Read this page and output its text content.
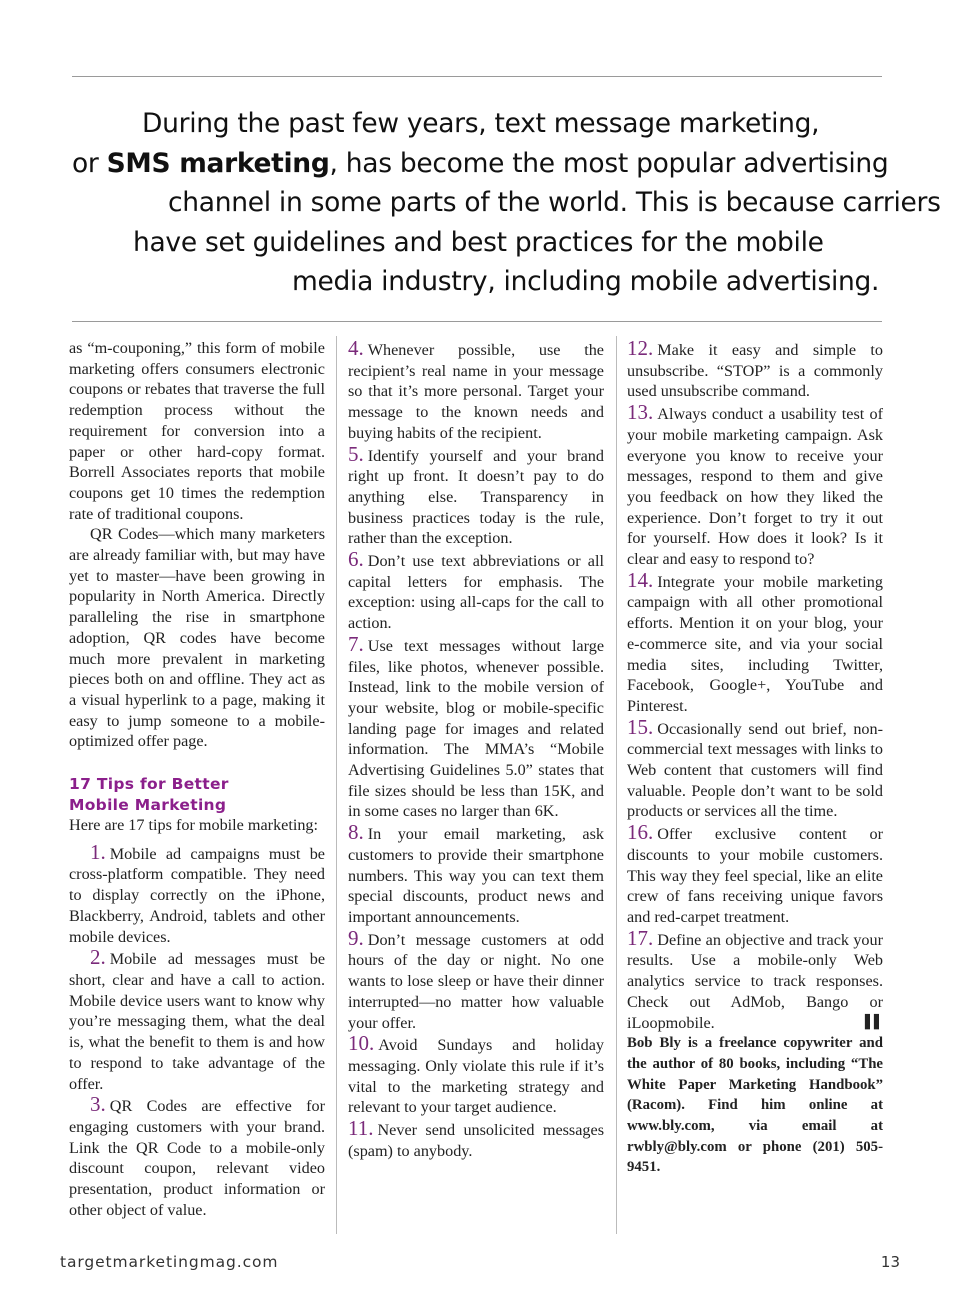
During the past few years, text message marketing,
or SMS marketing, has become the most popular advertising
channel in some parts of the world. This is because carriers
have set guidelines and best practices for the mobile
media industry, including mobile advertising.

as “m-couponing,” this form of mobile marketing offers consumers electronic coupons or rebates that traverse the full redemption process without the requirement for conversion into a paper or other hard-copy format. Borrell Associates reports that mobile coupons get 10 times the redemption rate of traditional coupons.

QR Codes—which many marketers are already familiar with, but may have yet to master—have been growing in popularity in North America. Directly paralleling the rise in smartphone adoption, QR codes have become much more prevalent in marketing pieces both on and offline. They act as a visual hyperlink to a page, making it easy to jump someone to a mobile-optimized offer page.

17 Tips for Better
Mobile Marketing

Here are 17 tips for mobile marketing:

1. Mobile ad campaigns must be cross-platform compatible. They need to display correctly on the iPhone, Blackberry, Android, tablets and other mobile devices.

2. Mobile ad messages must be short, clear and have a call to action. Mobile device users want to know why you’re messaging them, what the deal is, what the benefit to them is and how to respond to take advantage of the offer.

3. QR Codes are effective for engaging customers with your brand. Link the QR Code to a mobile-only discount coupon, relevant video presentation, product information or other object of value.

4. Whenever possible, use the recipient’s real name in your message so that it’s more personal. Target your message to the known needs and buying habits of the recipient.

5. Identify yourself and your brand right up front. It doesn’t pay to do anything else. Transparency in business practices today is the rule, rather than the exception.

6. Don’t use text abbreviations or all capital letters for emphasis. The exception: using all-caps for the call to action.

7. Use text messages without large files, like photos, whenever possible. Instead, link to the mobile version of your website, blog or mobile-specific landing page for images and related information. The MMA’s “Mobile Advertising Guidelines 5.0” states that file sizes should be less than 15K, and in some cases no larger than 6K.

8. In your email marketing, ask customers to provide their smartphone numbers. This way you can text them special discounts, product news and important announcements.

9. Don’t message customers at odd hours of the day or night. No one wants to lose sleep or have their dinner interrupted—no matter how valuable your offer.

10. Avoid Sundays and holiday messaging. Only violate this rule if it’s vital to the marketing strategy and relevant to your target audience.

11. Never send unsolicited messages (spam) to anybody.

12. Make it easy and simple to unsubscribe. “STOP” is a commonly used unsubscribe command.

13. Always conduct a usability test of your mobile marketing campaign. Ask everyone you know to receive your messages, respond to them and give you feedback on how they liked the experience. Don’t forget to try it out for yourself. How does it look? Is it clear and easy to respond to?

14. Integrate your mobile marketing campaign with all other promotional efforts. Mention it on your blog, your e-commerce site, and via your social media sites, including Twitter, Facebook, Google+, YouTube and Pinterest.

15. Occasionally send out brief, non-commercial text messages with links to Web content that customers will find valuable. People don’t want to be sold products or services all the time.

16. Offer exclusive content or discounts to your mobile customers. This way they feel special, like an elite crew of fans receiving unique favors and red-carpet treatment.

17. Define an objective and track your results. Use a mobile-only Web analytics service to track responses. Check out AdMob, Bango or iLoopmobile.	▌▌

Bob Bly is a freelance copywriter and the author of 80 books, including “The White Paper Marketing Handbook” (Racom). Find him online at www.bly.com, via email at rwbly@bly.com or phone (201) 505-9451.

targetmarketingmag.com	13
